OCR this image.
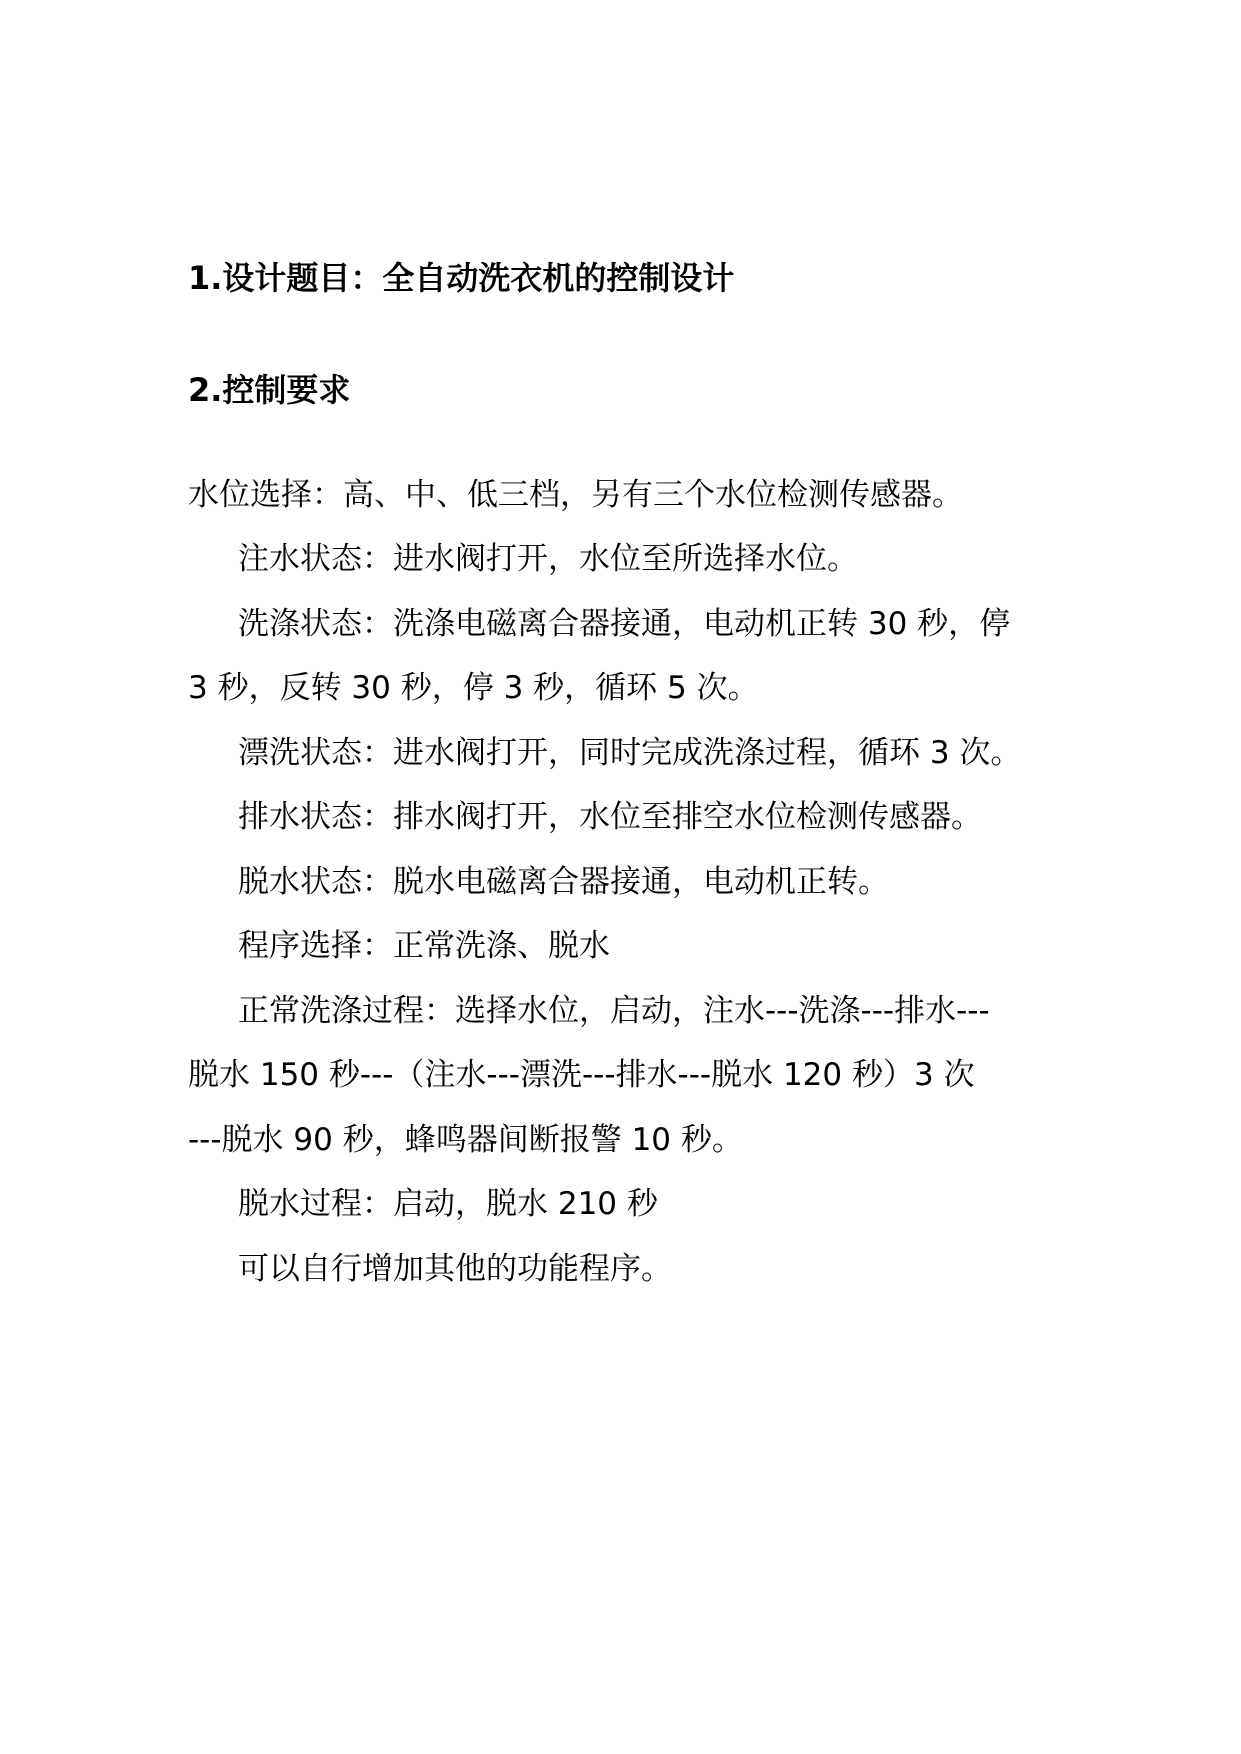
1.设计题目：全自动洗衣机的控制设计
2.控制要求
水位选择：高、中、低三档，另有三个水位检测传感器。
注水状态：进水阀打开，水位至所选择水位。
洗涤状态：洗涤电磁离合器接通，电动机正转 30 秒，停
3 秒，反转 30 秒，停 3 秒，循环 5 次。
漂洗状态：进水阀打开，同时完成洗涤过程，循环 3 次。
排水状态：排水阀打开，水位至排空水位检测传感器。
脱水状态：脱水电磁离合器接通，电动机正转。
程序选择：正常洗涤、脱水
正常洗涤过程：选择水位，启动，注水---洗涤---排水---
脱水 150 秒---（注水---漂洗---排水---脱水 120 秒）3 次
---脱水 90 秒，蜂鸣器间断报警 10 秒。
脱水过程：启动，脱水 210 秒
可以自行增加其他的功能程序。
